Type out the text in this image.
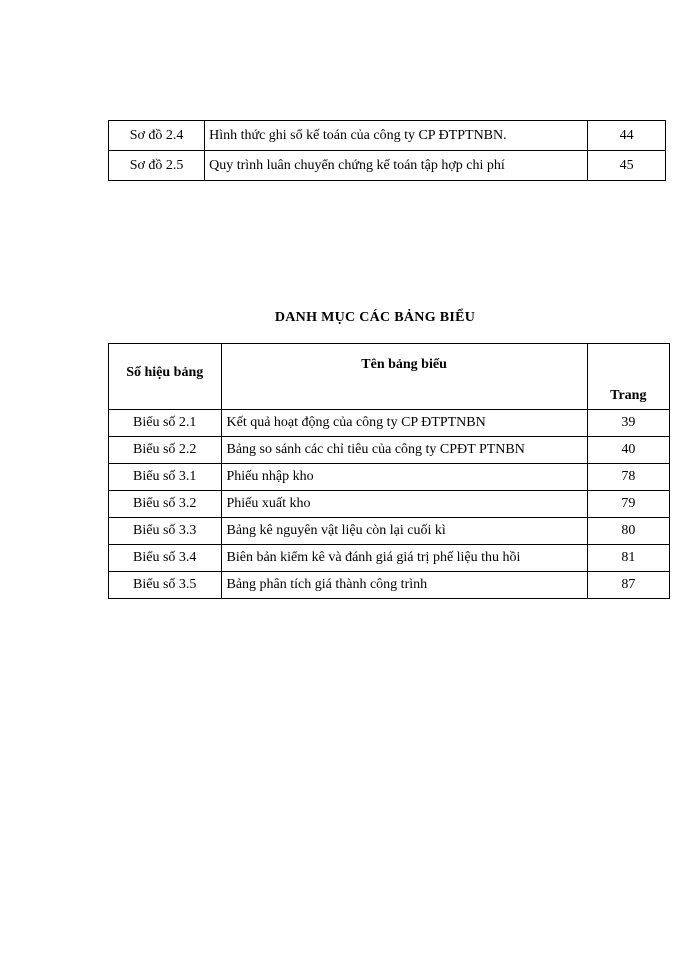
Sơ đồ 2.4	Hình thức ghi sổ kế toán của công ty CP ĐTPTNBN.	44
Sơ đồ 2.5	Quy trình luân chuyển chứng kế toán tập hợp chi phí	45
DANH MỤC CÁC BẢNG BIỂU
Số hiệu bảng	Tên bảng biểu	Trang
Biểu số 2.1	Kết quả hoạt động của công ty CP ĐTPTNBN	39
Biểu số 2.2	Bảng so sánh các chỉ tiêu của công ty CPĐT PTNBN	40
Biểu số 3.1	Phiếu nhập kho	78
Biểu số 3.2	Phiếu xuất kho	79
Biểu số 3.3	Bảng kê nguyên vật liệu còn lại cuối kì	80
Biểu số 3.4	Biên bản kiểm kê và đánh giá giá trị phế liệu thu hồi	81
Biểu số 3.5	Bảng phân tích giá thành công trình	87
